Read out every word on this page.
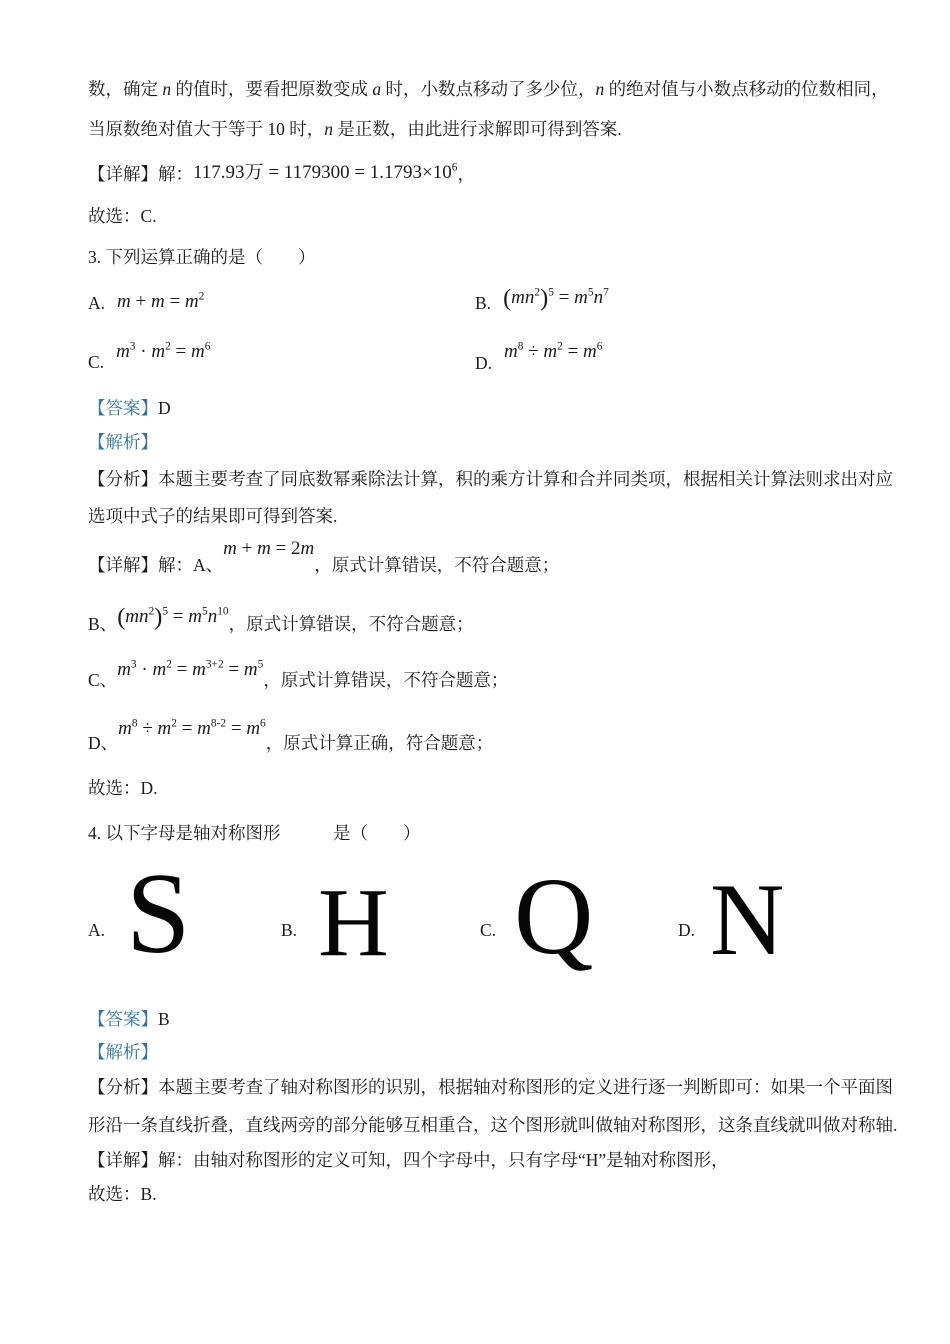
数，确定 n 的值时，要看把原数变成 a 时，小数点移动了多少位，n 的绝对值与小数点移动的位数相同，
当原数绝对值大于等于 10 时，n 是正数，由此进行求解即可得到答案.
【详解】解：117.93万 = $1179300 = 1.1793\times 10^6$，
故选：C.
3. 下列运算正确的是（　　）
A. $m + m = m^2$	B. $(mn^2)^5 = m^5n^7$
C. $m^3 \cdot m^2 = m^6$
$D.m^8 \div m^2 = m^6$
【答案】D
【解析】
【分析】本题主要考查了同底数幂乘除法计算，积的乘方计算和合并同类项，根据相关计算法则求出对应
选项中式子的结果即可得到答案.
【详解】解：A、m + m = 2m，原式计算错误，不符合题意；
B、$(mn^2)^5 = m^5n^{10}$，原式计算错误，不符合题意；
C、$m^3 \cdot m^2 = m^{3+2} = m^5$，原式计算错误，不符合题意；
D、$m^8 \div m^2 = m^{8-2} = m^6$，原式计算正确，符合题意；
故选：D.
4. 以下字母是轴对称图形　　　是（　　）
A. S	B. H	C. Q	D. N
【答案】B
【解析】
【分析】本题主要考查了轴对称图形的识别，根据轴对称图形的定义进行逐一判断即可：如果一个平面图
形沿一条直线折叠，直线两旁的部分能够互相重合，这个图形就叫做轴对称图形，这条直线就叫做对称轴.
【详解】解：由轴对称图形的定义可知，四个字母中，只有字母“H”是轴对称图形，
故选：B.
